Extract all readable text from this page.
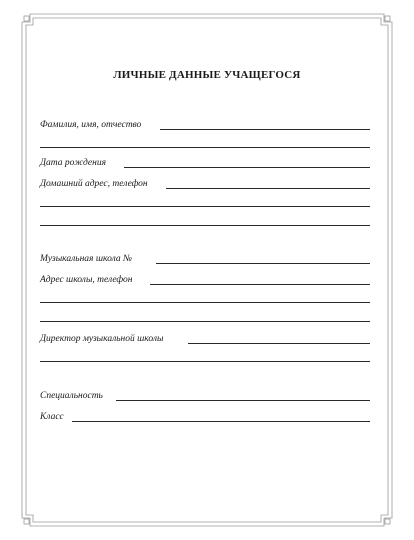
ЛИЧНЫЕ ДАННЫЕ УЧАЩЕГОСЯ
Фамилия, имя, отчество
Дата рождения
Домашний адрес, телефон
Музыкальная школа №
Адрес школы, телефон
Директор музыкальной школы
Специальность
Класс
